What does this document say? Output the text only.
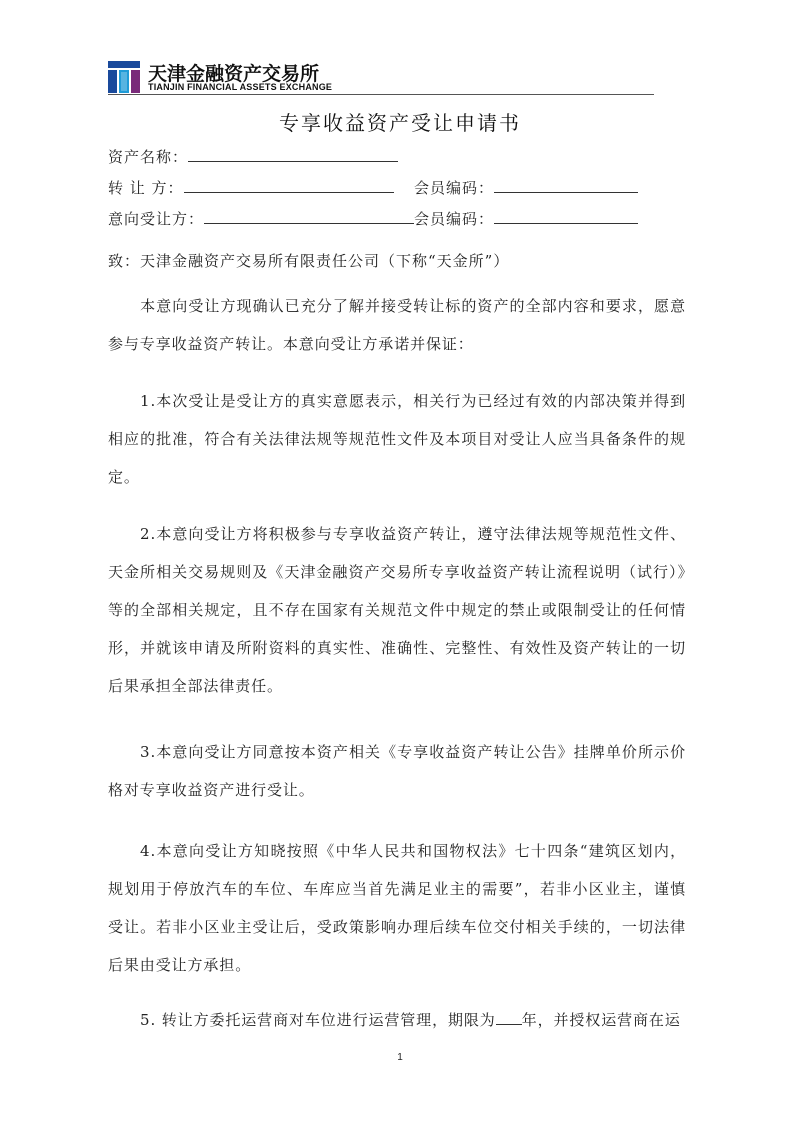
天津金融资产交易所
TIANJIN FINANCIAL ASSETS EXCHANGE
专享收益资产受让申请书
资产名称：
转 让 方：	会员编码：
意向受让方：	会员编码：
致：天津金融资产交易所有限责任公司（下称“天金所”）
本意向受让方现确认已充分了解并接受转让标的资产的全部内容和要求，愿意参与专享收益资产转让。本意向受让方承诺并保证：
1.本次受让是受让方的真实意愿表示，相关行为已经过有效的内部决策并得到相应的批准，符合有关法律法规等规范性文件及本项目对受让人应当具备条件的规定。
2.本意向受让方将积极参与专享收益资产转让，遵守法律法规等规范性文件、天金所相关交易规则及《天津金融资产交易所专享收益资产转让流程说明（试行）》等的全部相关规定，且不存在国家有关规范文件中规定的禁止或限制受让的任何情形，并就该申请及所附资料的真实性、准确性、完整性、有效性及资产转让的一切后果承担全部法律责任。
3.本意向受让方同意按本资产相关《专享收益资产转让公告》挂牌单价所示价格对专享收益资产进行受让。
4.本意向受让方知晓按照《中华人民共和国物权法》七十四条“建筑区划内，规划用于停放汽车的车位、车库应当首先满足业主的需要”，若非小区业主，谨慎受让。若非小区业主受让后，受政策影响办理后续车位交付相关手续的，一切法律后果由受让方承担。
5. 转让方委托运营商对车位进行运营管理，期限为 年，并授权运营商在运
1
